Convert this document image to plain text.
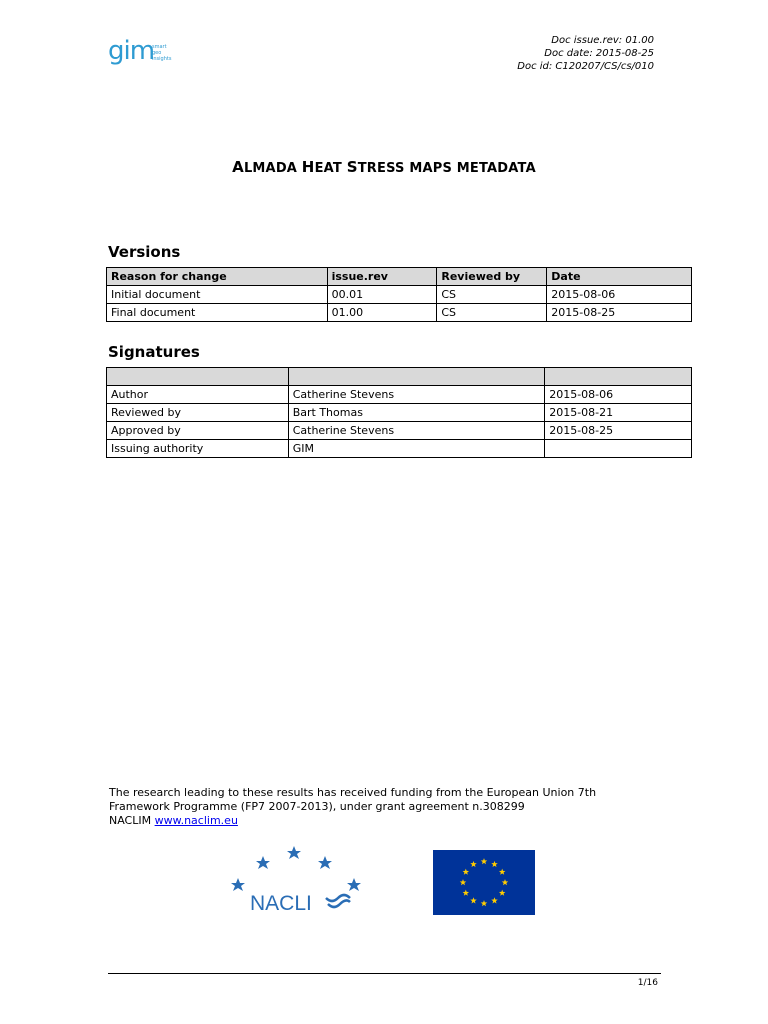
gim
smart
geo
insights
Doc issue.rev: 01.00
Doc date: 2015-08-25
Doc id: C120207/CS/cs/010
ALMADA HEAT STRESS MAPS METADATA
Versions
Reason for change	issue.rev	Reviewed by	Date
Initial document	00.01	CS	2015-08-06
Final document	01.00	CS	2015-08-25
Signatures

Author	Catherine Stevens	2015-08-06
Reviewed by	Bart Thomas	2015-08-21
Approved by	Catherine Stevens	2015-08-25
Issuing authority	GIM	
The research leading to these results has received funding from the European Union 7th
Framework Programme (FP7 2007-2013), under grant agreement n.308299
NACLIM www.naclim.eu
NACLI
1/16
